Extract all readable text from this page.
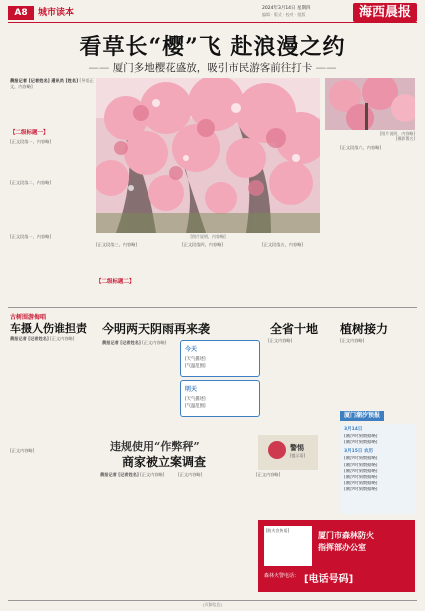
A8	城市读本	2024年3月14日 星期四
编辑 · 版式 · 校对 · 组版	海西晨报
看草长“樱”飞 赴浪漫之约
—— 厦门多地樱花盛放，吸引市民游客前往打卡 ——
晨报记者 [记者姓名] 通讯员 [姓名] [导语正文，内容略]
【二级标题一】
[正文段落一，内容略]
[正文段落二，内容略]
[图片说明，内容略]
[图片说明，内容略]
[摄影署名]
[正文段落三，内容略]
【二级标题二】
[正文段落四，内容略]	[正文段落五，内容略]
[正文段落六，内容略]
[正文段落一，内容略]
古树围游侮唱
车摄人伤谁担责
晨报记者 [记者姓名] [正文内容略]
[正文内容略]
今明两天阴雨再来袭
晨报记者 [记者姓名] [正文内容略]
今天
[天气描述]
[气温范围]
明天
[天气描述]
[气温范围]
全省十地
[正文内容略]
植树接力
[正文内容略]
违规使用“作弊秤”
商家被立案调查
晨报记者 [记者姓名] [正文内容略]	[正文内容略]	[正文内容略]
警惕
[提示语]
厦门潮汐预报
3月14日
[潮汐时刻数据略]
[潮汐时刻数据略]
3月15日 农历
[潮汐时刻数据略]
[潮汐时刻数据略]
[潮汐时刻数据略]
[潮汐时刻数据略]
[潮汐时刻数据略]
[潮汐时刻数据略]
[防火宣传语]
厦门市森林防火
指挥部办公室
森林火警电话： [电话号码]
[页脚信息]
